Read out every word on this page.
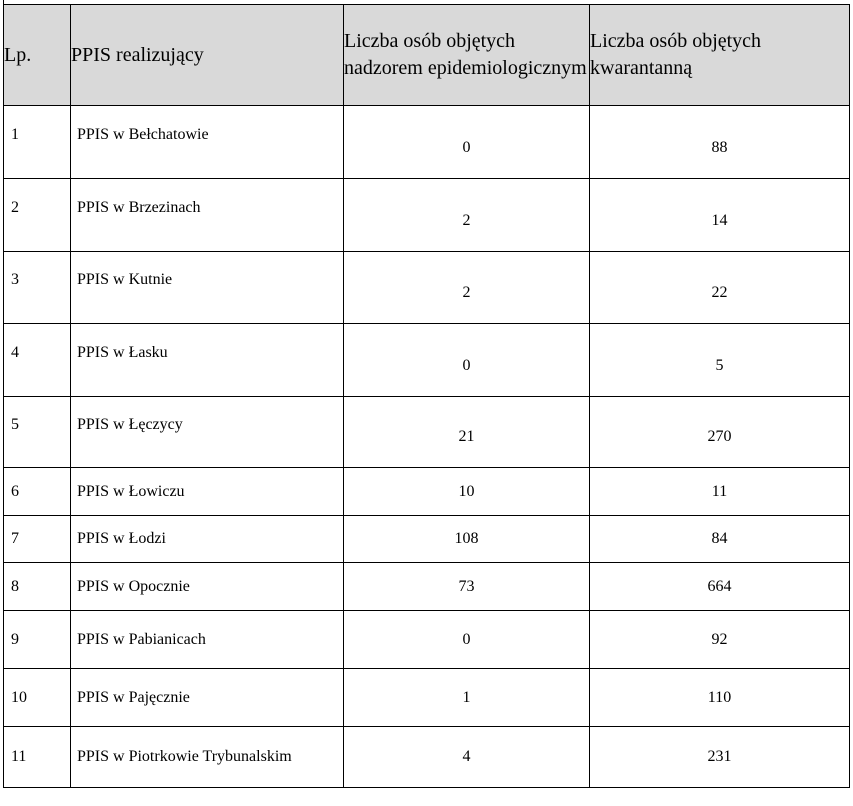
Lp.	PPIS realizujący	Liczba osób objętych nadzorem epidemiologicznym	Liczba osób objętych kwarantanną
1	PPIS w Bełchatowie	0	88
2	PPIS w Brzezinach	2	14
3	PPIS w Kutnie	2	22
4	PPIS w Łasku	0	5
5	PPIS w Łęczycy	21	270
6	PPIS w Łowiczu	10	11
7	PPIS w Łodzi	108	84
8	PPIS w Opocznie	73	664
9	PPIS w Pabianicach	0	92
10	PPIS w Pajęcznie	1	110
11	PPIS w Piotrkowie Trybunalskim	4	231
